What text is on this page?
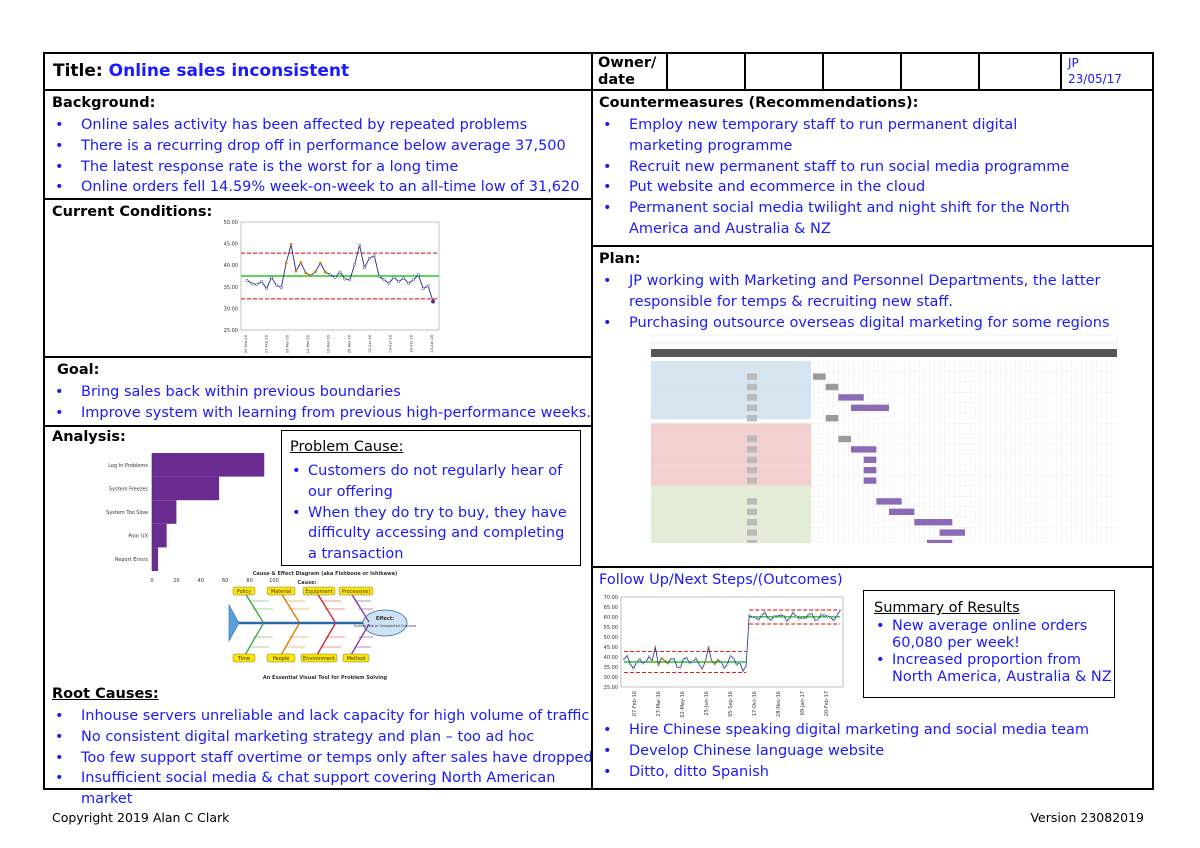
Title: Online sales inconsistent	Owner/ date
JP
23/05/17
Background:
• Online sales activity has been affected by repeated problems
• There is a recurring drop off in performance below average 37,500
• The latest response rate is the worst for a long time
• Online orders fell 14.59% week-on-week to an all-time low of 31,620
Current Conditions:
50.00
45.00
40.00
35.00
30.00
25.00
20-Feb-16	27-Feb-16	05-Mar-16	12-Mar-16	19-Mar-16	26-Mar-16	02-Apr-16	09-Apr-16	16-Apr-16	23-Apr-16
Goal:
• Bring sales back within previous boundaries
• Improve system with learning from previous high-performance weeks.
Analysis:
Log In Problems
System Freezes
System Too Slow
Poor UX
Report Errors
0	20	40	60	80	100
Problem Cause:
• Customers do not regularly hear of our offering
• When they do try to buy, they have difficulty accessing and completing a transaction
Cause & Effect Diagram (aka Fishbone or Ishikawa)
Cause:
Effect:
Undesirable or Unexpected Outcome
Policy	Material	Equipment Process(es)
Time	People	Environment Method
An Essential Visual Tool for Problem Solving
Root Causes:
• Inhouse servers unreliable and lack capacity for high volume of traffic
• No consistent digital marketing strategy and plan – too ad hoc
• Too few support staff overtime or temps only after sales have dropped
• Insufficient social media & chat support covering North American market
Countermeasures (Recommendations):
• Employ new temporary staff to run permanent digital marketing programme
• Recruit new permanent staff to run social media programme
• Put website and ecommerce in the cloud
• Permanent social media twilight and night shift for the North America and Australia & NZ
Plan:
• JP working with Marketing and Personnel Departments, the latter responsible for temps & recruiting new staff.
• Purchasing outsource overseas digital marketing for some regions
Follow Up/Next Steps/(Outcomes)
70.00
65.00
60.00
55.00
50.00
45.00
40.00
35.00
30.00
25.00
07-Feb-16	27-Mar-16	02-May-16	25-Jun-16	05-Sep-16	17-Oct-16	28-Nov-16	09-Jan-17	20-Feb-17
Summary of Results
• New average online orders 60,080 per week!
• Increased proportion from North America, Australia & NZ
• Hire Chinese speaking digital marketing and social media team
• Develop Chinese language website
• Ditto, ditto Spanish
Copyright 2019 Alan C Clark	Version 23082019
